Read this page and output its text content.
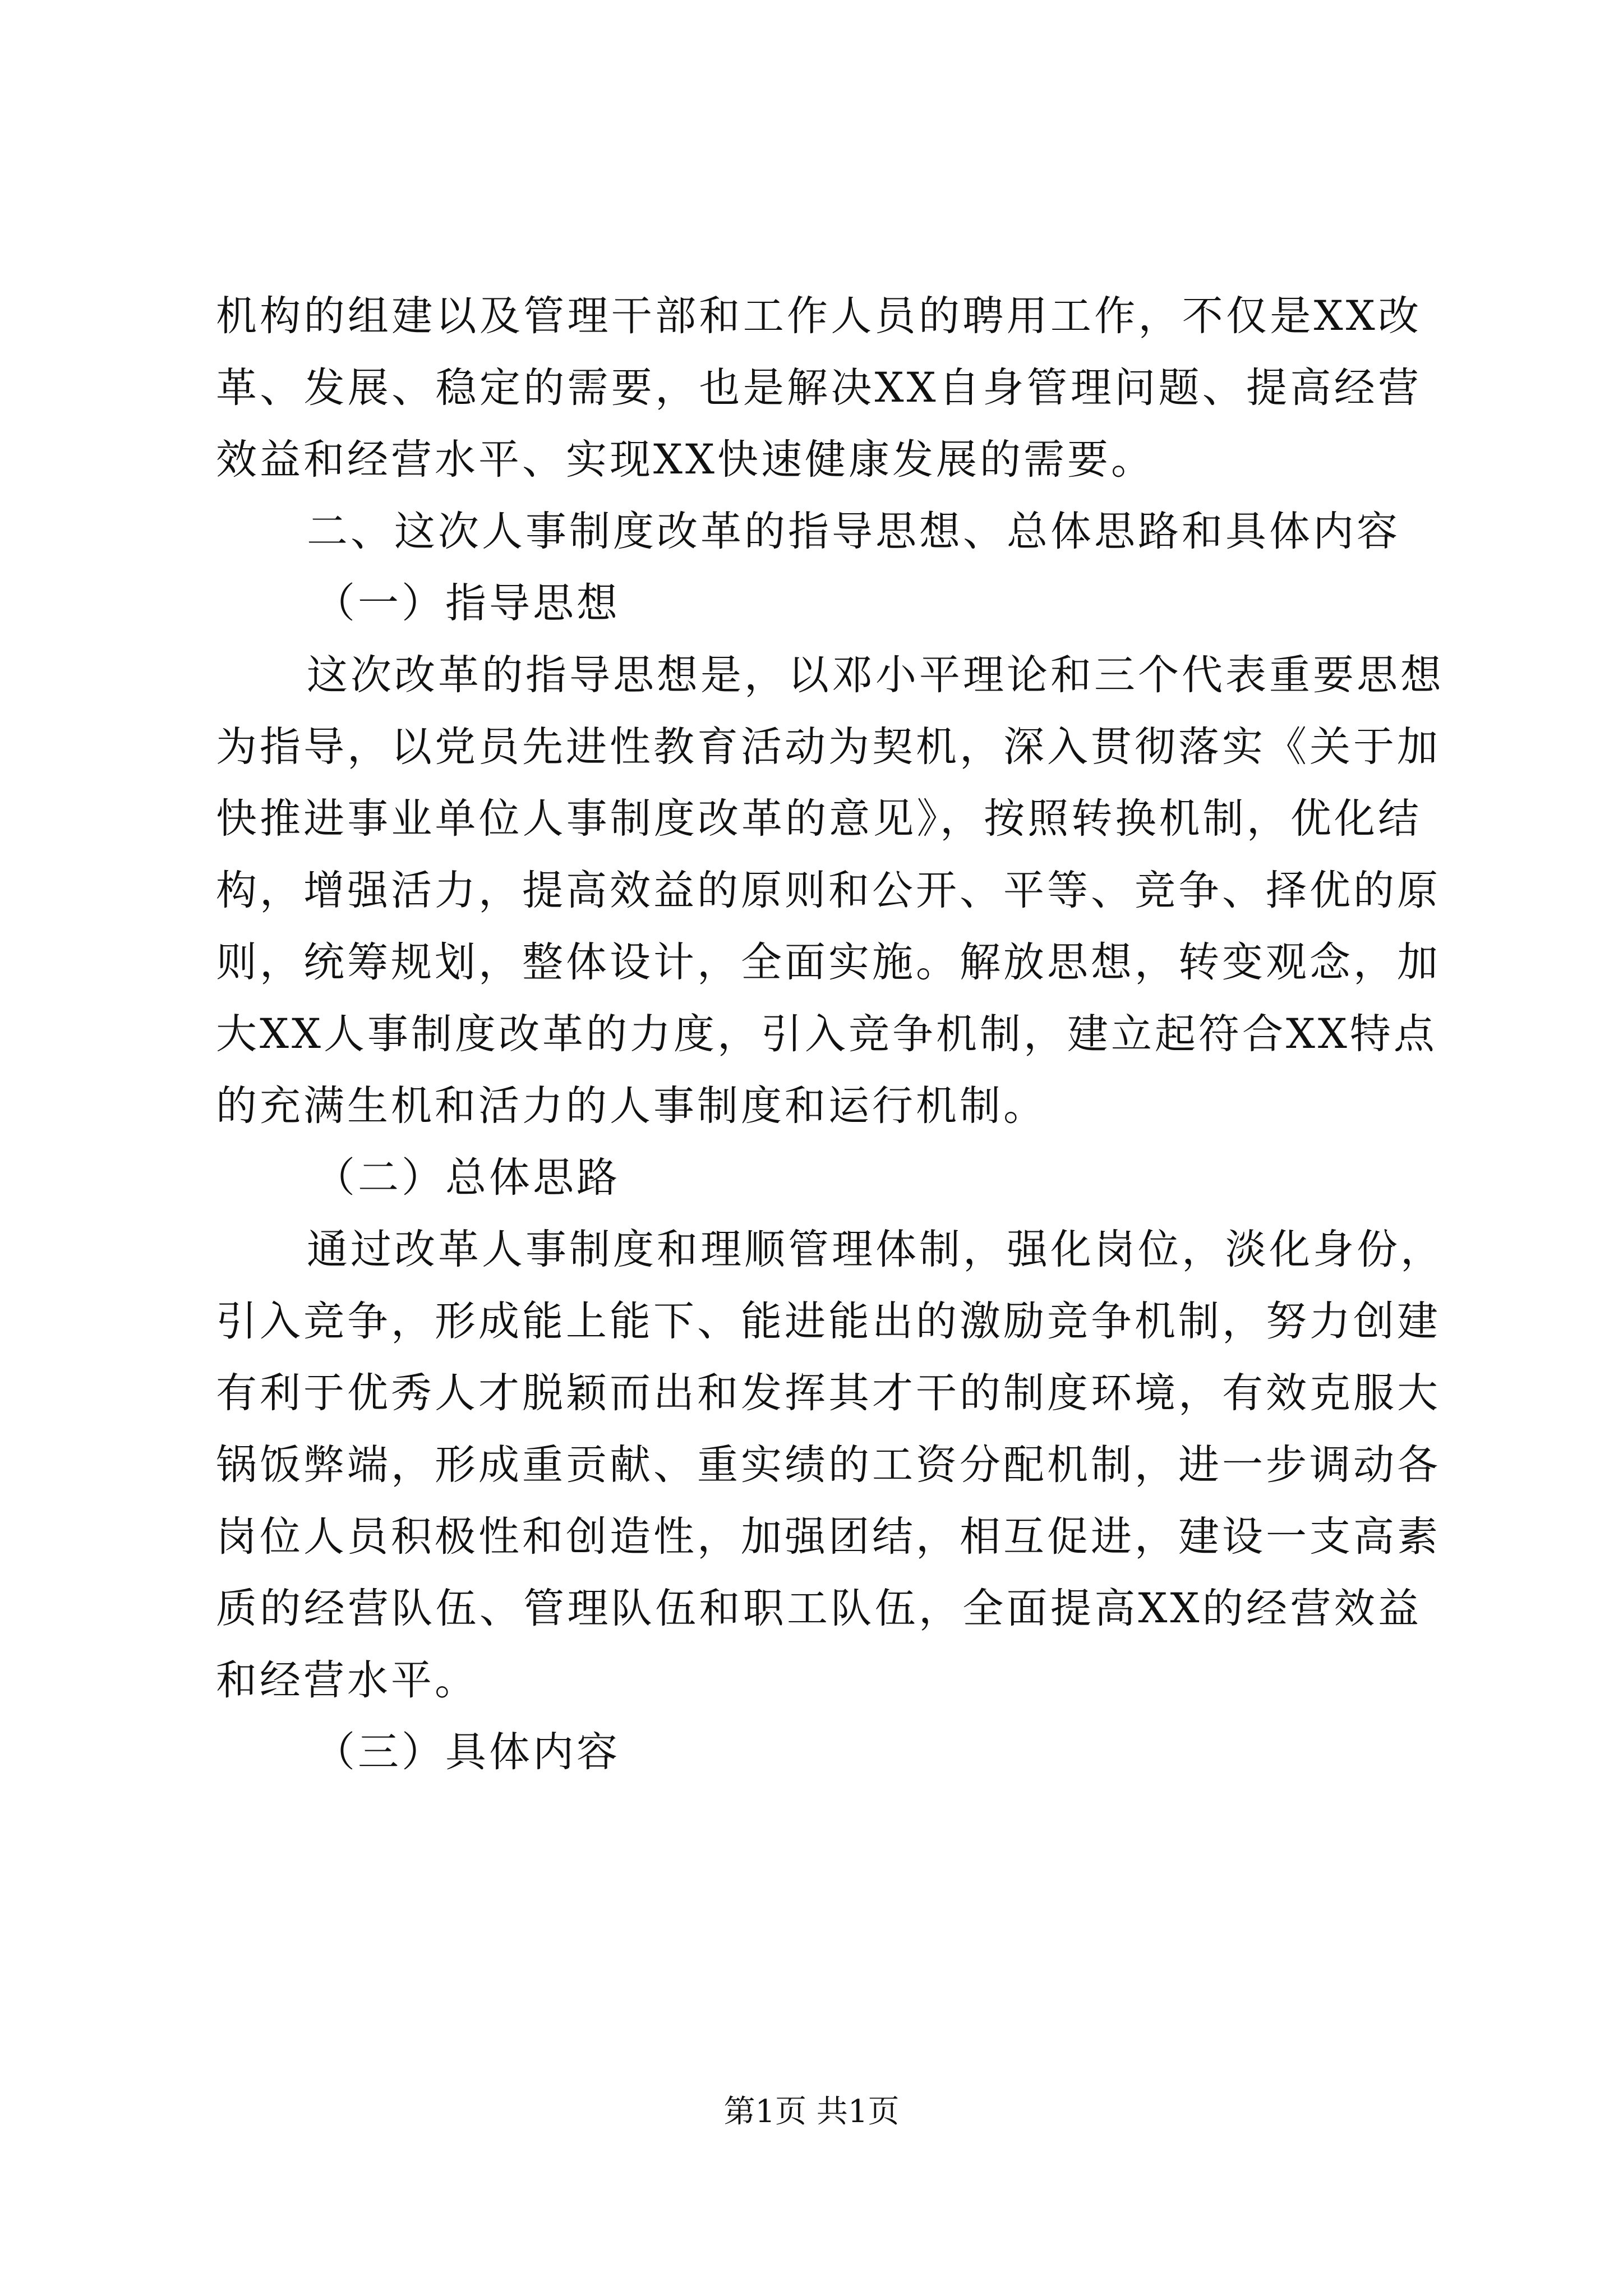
机构的组建以及管理干部和工作人员的聘用工作，不仅是XX改
革、发展、稳定的需要，也是解决XX自身管理问题、提高经营
效益和经营水平、实现XX快速健康发展的需要。
二、这次人事制度改革的指导思想、总体思路和具体内容
（一）指导思想
这次改革的指导思想是，以邓小平理论和三个代表重要思想
为指导，以党员先进性教育活动为契机，深入贯彻落实《关于加
快推进事业单位人事制度改革的意见》，按照转换机制，优化结
构，增强活力，提高效益的原则和公开、平等、竞争、择优的原
则，统筹规划，整体设计，全面实施。解放思想，转变观念，加
大XX人事制度改革的力度，引入竞争机制，建立起符合XX特点
的充满生机和活力的人事制度和运行机制。
（二）总体思路
通过改革人事制度和理顺管理体制，强化岗位，淡化身份，
引入竞争，形成能上能下、能进能出的激励竞争机制，努力创建
有利于优秀人才脱颖而出和发挥其才干的制度环境，有效克服大
锅饭弊端，形成重贡献、重实绩的工资分配机制，进一步调动各
岗位人员积极性和创造性，加强团结，相互促进，建设一支高素
质的经营队伍、管理队伍和职工队伍，全面提高XX的经营效益
和经营水平。
（三）具体内容
第1页 共1页
